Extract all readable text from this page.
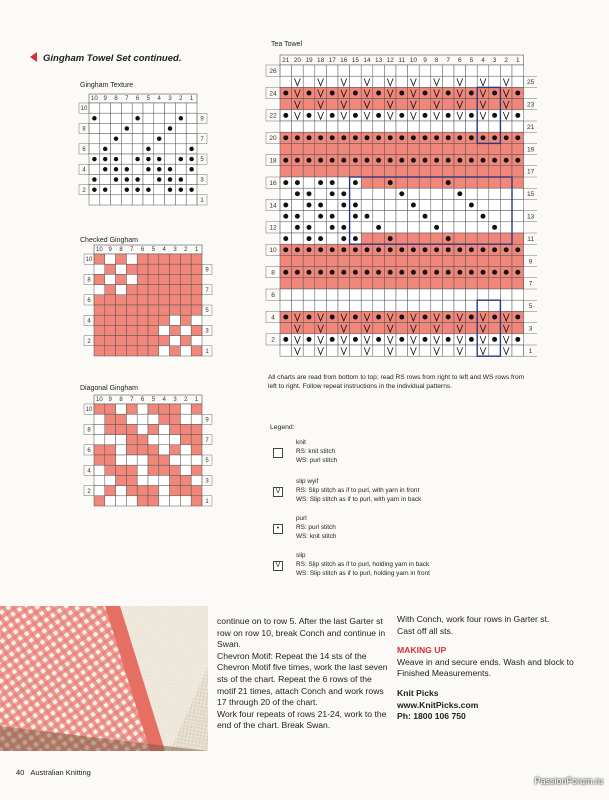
Gingham Towel Set continued.
Tea Towel
Gingham Texture
Checked Gingham
Diagonal Gingham
21 20 19 18 17 16 15 14 13 12 11 10 9 8 7 6 5 4 3 2 1
26
25
24
23
22
21
20
19
18
17
16
15
14
13
12
11
10
9
8
7
6
5
4
3
2
1
10 9 8 7 6 5 4 3 2 1
10
9
8
7
6
5
4
3
2
1
10 9 8 7 6 5 4 3 2 1
10
9
8
7
6
5
4
3
2
1
10 9 8 7 6 5 4 3 2 1
10
9
8
7
6
5
4
3
2
1
All charts are read from bottom to top; read RS rows from right to left and WS rows from left to right. Follow repeat instructions in the individual patterns.
Legend:
knit
RS: knit stitch
WS: purl stitch
V
slip wyif
RS: Slip stitch as if to purl, with yarn in front
WS: Slip stitch as if to purl, with yarn in back
•
purl
RS: purl stitch
WS: knit stitch
V
slip
RS: Slip stitch as if to purl, holding yarn in back
WS: Slip stitch as if to purl, holding yarn in front
continue on to row 5. After the last Garter st row on row 10, break Conch and continue in Swan.
Chevron Motif: Repeat the 14 sts of the Chevron Motif five times, work the last seven sts of the chart. Repeat the 6 rows of the motif 21 times, attach Conch and work rows 17 through 20 of the chart.
Work four repeats of rows 21-24, work to the end of the chart. Break Swan.
With Conch, work four rows in Garter st.
Cast off all sts.
MAKING UP
Weave in and secure ends. Wash and block to Finished Measurements.
Knit Picks
www.KnitPicks.com
Ph: 1800 106 750
40 Australian Knitting
PassionForum.ru
